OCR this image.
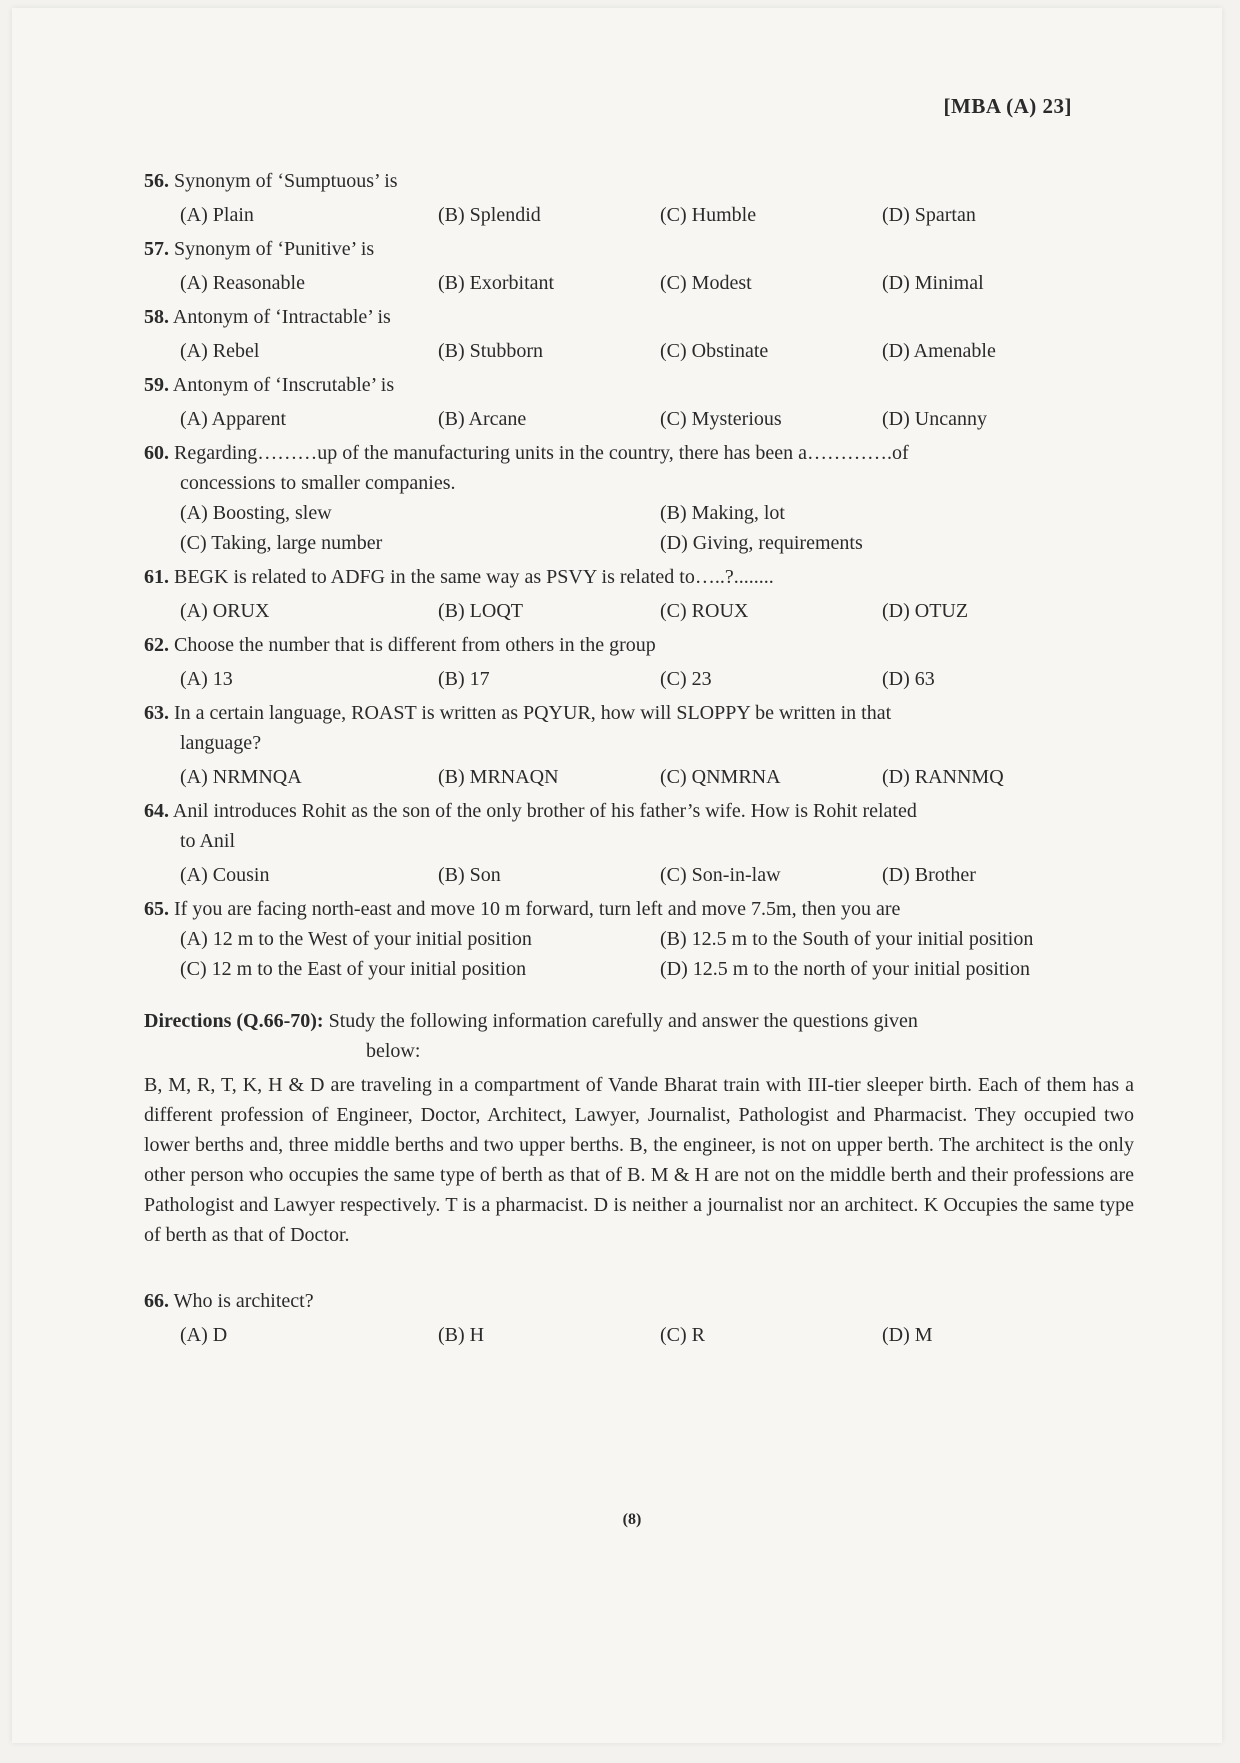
[MBA (A) 23]
56. Synonym of ‘Sumptuous’ is
(A) Plain	(B) Splendid	(C) Humble	(D) Spartan
57. Synonym of ‘Punitive’ is
(A) Reasonable	(B) Exorbitant	(C) Modest	(D) Minimal
58. Antonym of ‘Intractable’ is
(A) Rebel	(B) Stubborn	(C) Obstinate	(D) Amenable
59. Antonym of ‘Inscrutable’ is
(A) Apparent	(B) Arcane	(C) Mysterious	(D) Uncanny
60. Regarding………up of the manufacturing units in the country, there has been a………….of
concessions to smaller companies.
(A) Boosting, slew	(B) Making, lot
(C) Taking, large number	(D) Giving, requirements
61. BEGK is related to ADFG in the same way as PSVY is related to…..?........
(A) ORUX	(B) LOQT	(C) ROUX	(D) OTUZ
62. Choose the number that is different from others in the group
(A) 13	(B) 17	(C) 23	(D) 63
63. In a certain language, ROAST is written as PQYUR, how will SLOPPY be written in that
language?
(A) NRMNQA	(B) MRNAQN	(C) QNMRNA	(D) RANNMQ
64. Anil introduces Rohit as the son of the only brother of his father’s wife. How is Rohit related
to Anil
(A) Cousin	(B) Son	(C) Son-in-law	(D) Brother
65. If you are facing north-east and move 10 m forward, turn left and move 7.5m, then you are
(A) 12 m to the West of your initial position	(B) 12.5 m to the South of your initial position
(C) 12 m to the East of your initial position	(D) 12.5 m to the north of your initial position
Directions (Q.66-70): Study the following information carefully and answer the questions given
below:
B, M, R, T, K, H & D are traveling in a compartment of Vande Bharat train with III-tier sleeper birth. Each of them has a different profession of Engineer, Doctor, Architect, Lawyer, Journalist, Pathologist and Pharmacist. They occupied two lower berths and, three middle berths and two upper berths. B, the engineer, is not on upper berth. The architect is the only other person who occupies the same type of berth as that of B. M & H are not on the middle berth and their professions are Pathologist and Lawyer respectively. T is a pharmacist. D is neither a journalist nor an architect. K Occupies the same type of berth as that of Doctor.
66. Who is architect?
(A) D	(B) H	(C) R	(D) M
(8)
